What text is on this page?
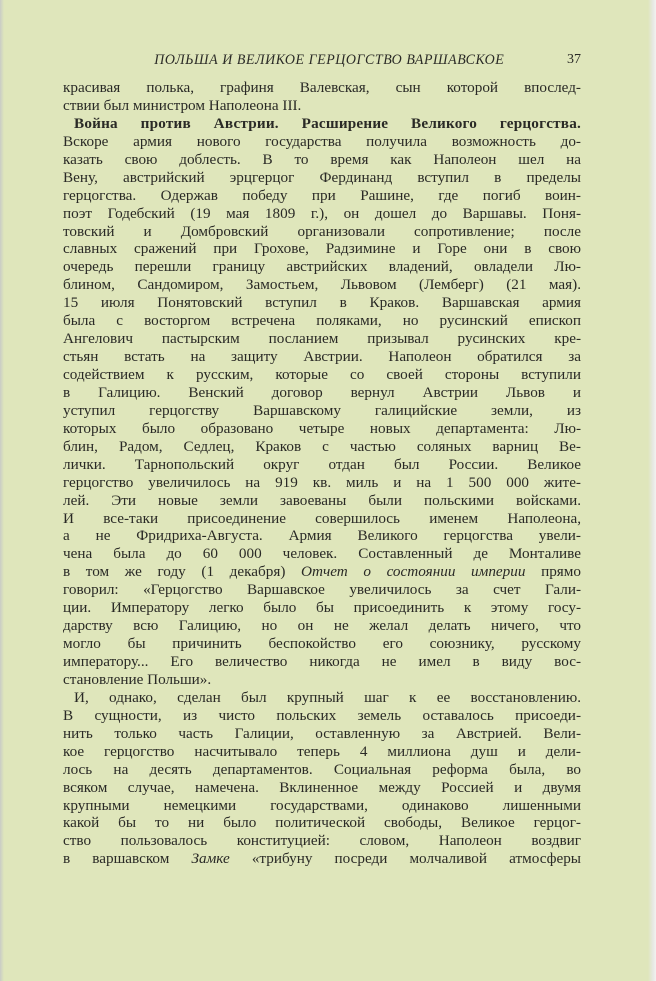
ПОЛЬША И ВЕЛИКОЕ ГЕРЦОГСТВО ВАРШАВСКОЕ	37
красивая полька, графиня Валевская, сын которой впослед-
ствии был министром Наполеона III.
Война против Австрии. Расширение Великого герцогства.
Вскоре армия нового государства получила возможность до-
казать свою доблесть. В то время как Наполеон шел на
Вену, австрийский эрцгерцог Фердинанд вступил в пределы
герцогства. Одержав победу при Рашине, где погиб воин-
поэт Годебский (19 мая 1809 г.), он дошел до Варшавы. Поня-
товский и Домбровский организовали сопротивление; после
славных сражений при Грохове, Радзимине и Горе они в свою
очередь перешли границу австрийских владений, овладели Лю-
блином, Сандомиром, Замостьем, Львовом (Лемберг) (21 мая).
15 июля Понятовский вступил в Краков. Варшавская армия
была с восторгом встречена поляками, но русинский епископ
Ангелович пастырским посланием призывал русинских кре-
стьян встать на защиту Австрии. Наполеон обратился за
содействием к русским, которые со своей стороны вступили
в Галицию. Венский договор вернул Австрии Львов и
уступил герцогству Варшавскому галицийские земли, из
которых было образовано четыре новых департамента: Лю-
блин, Радом, Седлец, Краков с частью соляных варниц Ве-
лички. Тарнопольский округ отдан был России. Великое
герцогство увеличилось на 919 кв. миль и на 1 500 000 жите-
лей. Эти новые земли завоеваны были польскими войсками.
И все-таки присоединение совершилось именем Наполеона,
а не Фридриха-Августа. Армия Великого герцогства увели-
чена была до 60 000 человек. Составленный де Монталиве
в том же году (1 декабря) Отчет о состоянии империи прямо
говорил: «Герцогство Варшавское увеличилось за счет Гали-
ции. Императору легко было бы присоединить к этому госу-
дарству всю Галицию, но он не желал делать ничего, что
могло бы причинить беспокойство его союзнику, русскому
императору... Его величество никогда не имел в виду вос-
становление Польши».
И, однако, сделан был крупный шаг к ее восстановлению.
В сущности, из чисто польских земель оставалось присоеди-
нить только часть Галиции, оставленную за Австрией. Вели-
кое герцогство насчитывало теперь 4 миллиона душ и дели-
лось на десять департаментов. Социальная реформа была, во
всяком случае, намечена. Вклиненное между Россией и двумя
крупными немецкими государствами, одинаково лишенными
какой бы то ни было политической свободы, Великое герцог-
ство пользовалось конституцией: словом, Наполеон воздвиг
в варшавском Замке «трибуну посреди молчаливой атмосферы
